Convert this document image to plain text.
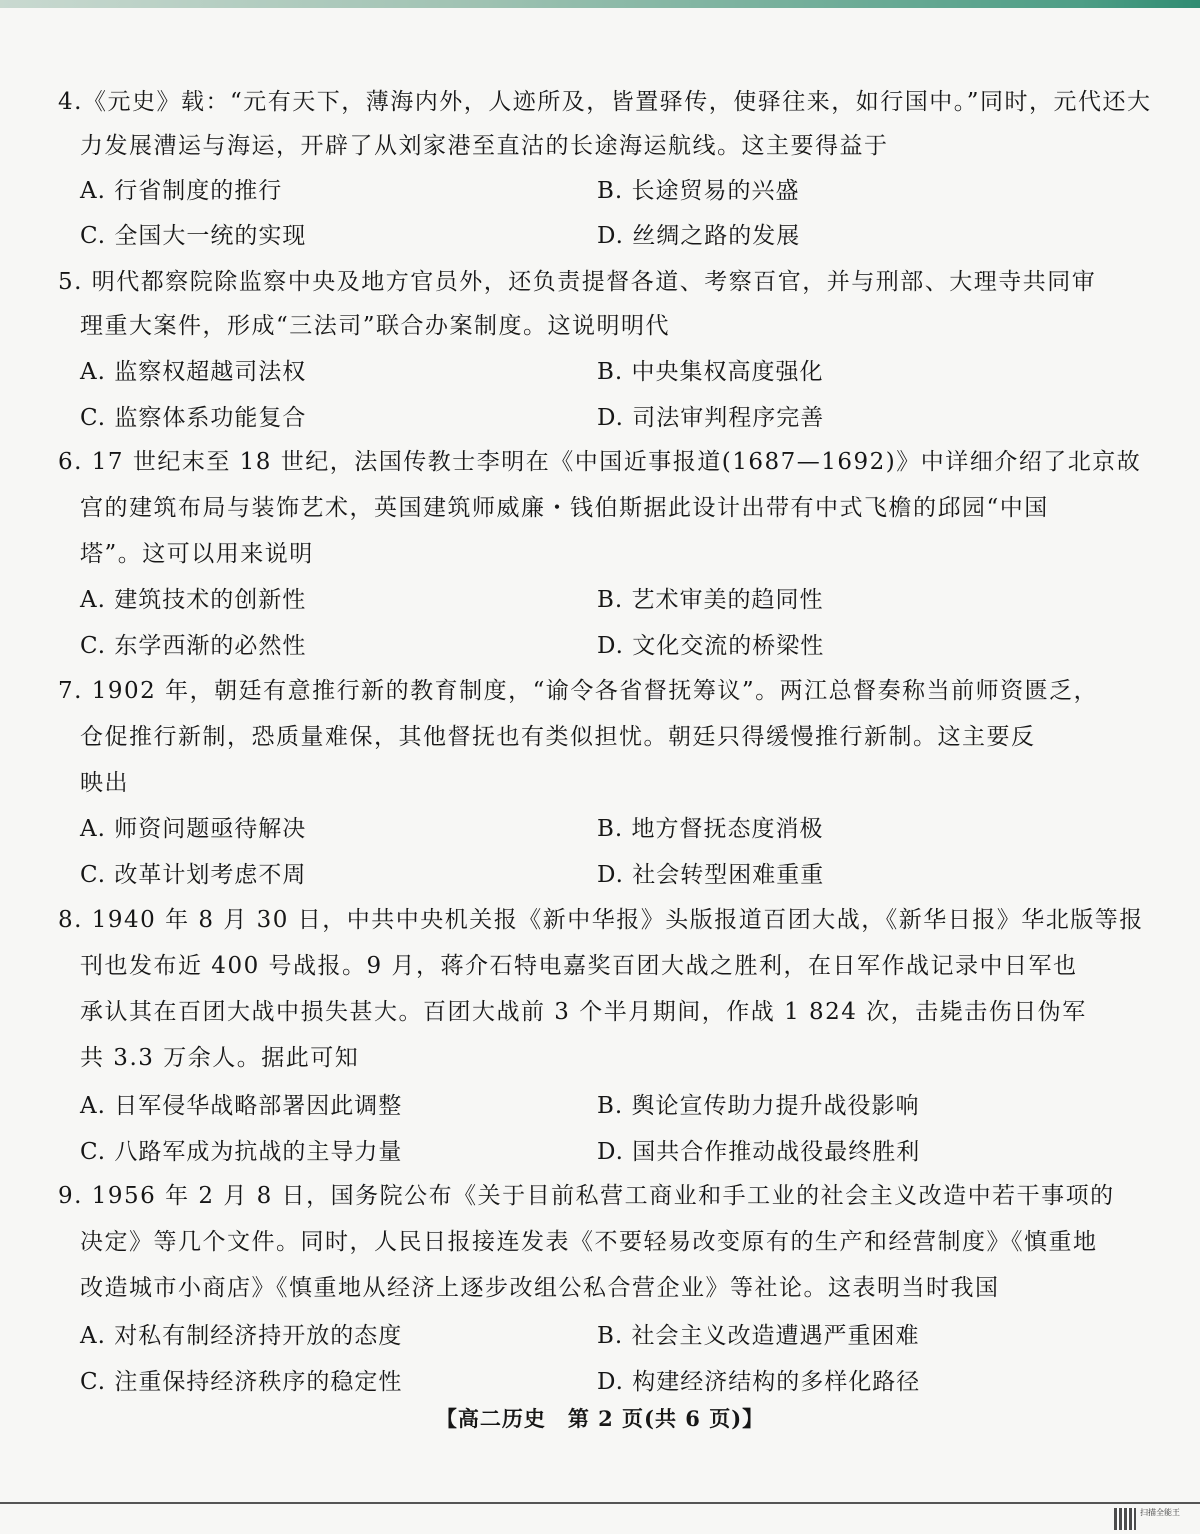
4.《元史》载：“元有天下，薄海内外，人迹所及，皆置驿传，使驿往来，如行国中。”同时，元代还大
力发展漕运与海运，开辟了从刘家港至直沽的长途海运航线。这主要得益于
A. 行省制度的推行	B. 长途贸易的兴盛
C. 全国大一统的实现	D. 丝绸之路的发展
5. 明代都察院除监察中央及地方官员外，还负责提督各道、考察百官，并与刑部、大理寺共同审
理重大案件，形成“三法司”联合办案制度。这说明明代
A. 监察权超越司法权	B. 中央集权高度强化
C. 监察体系功能复合	D. 司法审判程序完善
6. 17 世纪末至 18 世纪，法国传教士李明在《中国近事报道(1687—1692)》中详细介绍了北京故
宫的建筑布局与装饰艺术，英国建筑师威廉・钱伯斯据此设计出带有中式飞檐的邱园“中国
塔”。这可以用来说明
A. 建筑技术的创新性	B. 艺术审美的趋同性
C. 东学西渐的必然性	D. 文化交流的桥梁性
7. 1902 年，朝廷有意推行新的教育制度，“谕令各省督抚筹议”。两江总督奏称当前师资匮乏，
仓促推行新制，恐质量难保，其他督抚也有类似担忧。朝廷只得缓慢推行新制。这主要反
映出
A. 师资问题亟待解决	B. 地方督抚态度消极
C. 改革计划考虑不周	D. 社会转型困难重重
8. 1940 年 8 月 30 日，中共中央机关报《新中华报》头版报道百团大战，《新华日报》华北版等报
刊也发布近 400 号战报。9 月，蒋介石特电嘉奖百团大战之胜利，在日军作战记录中日军也
承认其在百团大战中损失甚大。百团大战前 3 个半月期间，作战 1 824 次，击毙击伤日伪军
共 3.3 万余人。据此可知
A. 日军侵华战略部署因此调整	B. 舆论宣传助力提升战役影响
C. 八路军成为抗战的主导力量	D. 国共合作推动战役最终胜利
9. 1956 年 2 月 8 日，国务院公布《关于目前私营工商业和手工业的社会主义改造中若干事项的
决定》等几个文件。同时，人民日报接连发表《不要轻易改变原有的生产和经营制度》《慎重地
改造城市小商店》《慎重地从经济上逐步改组公私合营企业》等社论。这表明当时我国
A. 对私有制经济持开放的态度	B. 社会主义改造遭遇严重困难
C. 注重保持经济秩序的稳定性	D. 构建经济结构的多样化路径
【高二历史　第 2 页(共 6 页)】
扫描全能王
